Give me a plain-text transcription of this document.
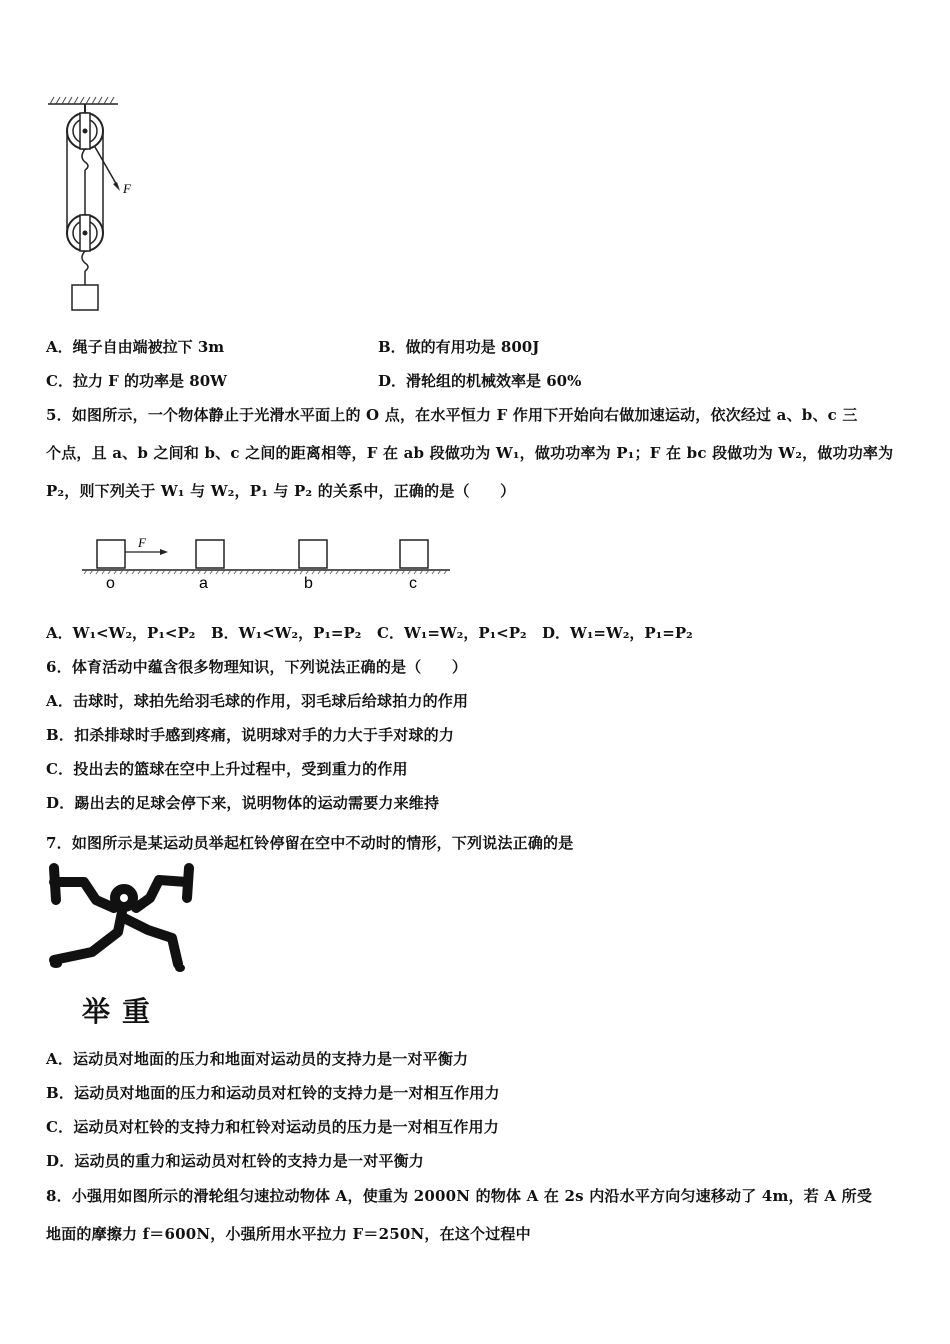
F
A．绳子自由端被拉下 3m	B．做的有用功是 800J
C．拉力 F 的功率是 80W	D．滑轮组的机械效率是 60%
5．如图所示，一个物体静止于光滑水平面上的 O 点，在水平恒力 F 作用下开始向右做加速运动，依次经过 a、b、c 三
个点，且 a、b 之间和 b、c 之间的距离相等，F 在 ab 段做功为 W₁，做功功率为 P₁；F 在 bc 段做功为 W₂，做功功率为
P₂，则下列关于 W₁ 与 W₂，P₁ 与 P₂ 的关系中，正确的是（　　）
F
o	a	b	c
A．W₁<W₂，P₁<P₂ B．W₁<W₂，P₁=P₂ C．W₁=W₂，P₁<P₂ D．W₁=W₂，P₁=P₂
6．体育活动中蕴含很多物理知识，下列说法正确的是（　　）
A．击球时，球拍先给羽毛球的作用，羽毛球后给球拍力的作用
B．扣杀排球时手感到疼痛，说明球对手的力大于手对球的力
C．投出去的篮球在空中上升过程中，受到重力的作用
D．踢出去的足球会停下来，说明物体的运动需要力来维持
7．如图所示是某运动员举起杠铃停留在空中不动时的情形，下列说法正确的是
举重
A．运动员对地面的压力和地面对运动员的支持力是一对平衡力
B．运动员对地面的压力和运动员对杠铃的支持力是一对相互作用力
C．运动员对杠铃的支持力和杠铃对运动员的压力是一对相互作用力
D．运动员的重力和运动员对杠铃的支持力是一对平衡力
8．小强用如图所示的滑轮组匀速拉动物体 A，使重为 2000N 的物体 A 在 2s 内沿水平方向匀速移动了 4m，若 A 所受
地面的摩擦力 f＝600N，小强所用水平拉力 F＝250N，在这个过程中
